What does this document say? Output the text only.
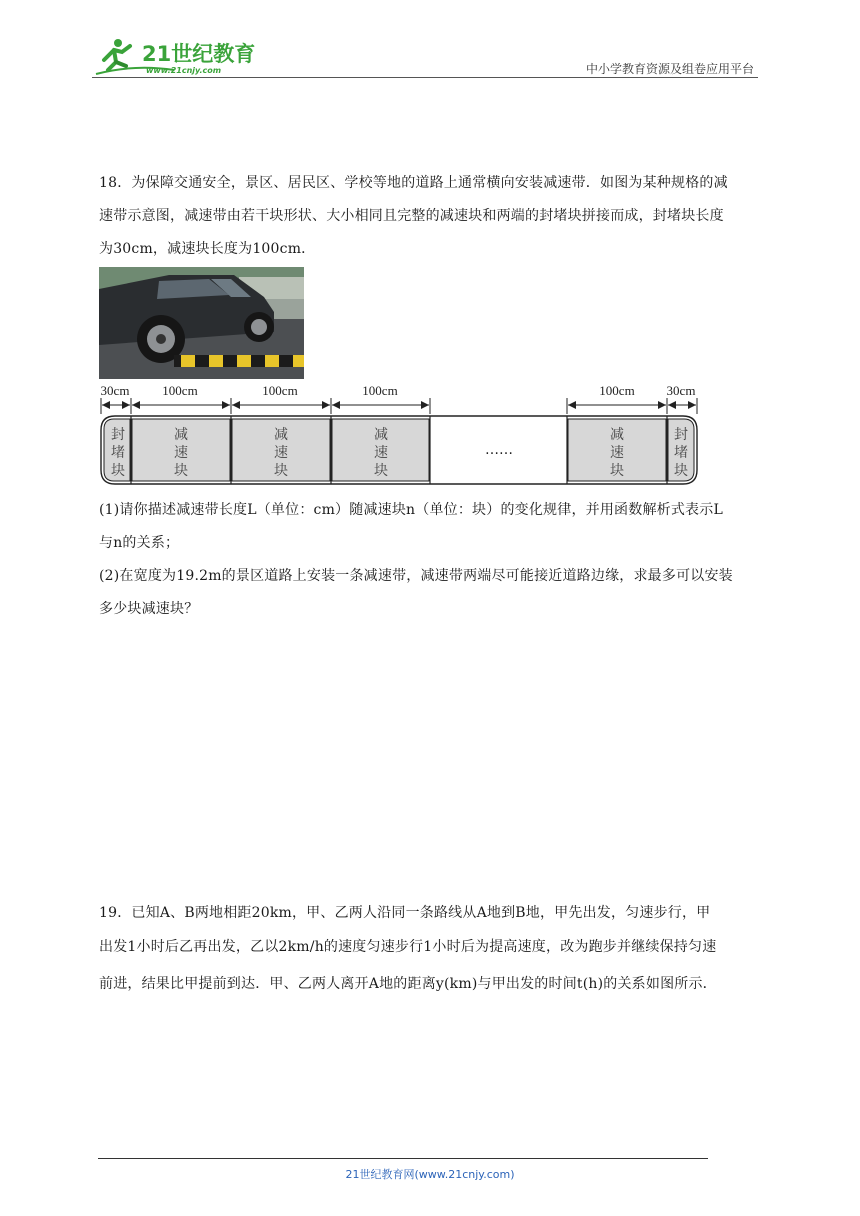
21世纪教育
www.21cnjy.com	中小学教育资源及组卷应用平台
18．为保障交通安全，景区、居民区、学校等地的道路上通常横向安装减速带．如图为某种规格的减
速带示意图，减速带由若干块形状、大小相同且完整的减速块和两端的封堵块拼接而成，封堵块长度
为30cm，减速块长度为100cm．
30cm	100cm	100cm	100cm	100cm 30cm
封
堵
块
减
速
块
减
速
块
减
速
块
减
速
块
封
堵
块
……
(1)请你描述减速带长度L（单位：cm）随减速块n（单位：块）的变化规律，并用函数解析式表示L
与n的关系；
(2)在宽度为19.2m的景区道路上安装一条减速带，减速带两端尽可能接近道路边缘，求最多可以安装
多少块减速块？
19．已知A、B两地相距20km，甲、乙两人沿同一条路线从A地到B地，甲先出发，匀速步行，甲
出发1小时后乙再出发，乙以2km/h的速度匀速步行1小时后为提高速度，改为跑步并继续保持匀速
前进，结果比甲提前到达．甲、乙两人离开A地的距离y(km)与甲出发的时间t(h)的关系如图所示．
21世纪教育网(www.21cnjy.com)
